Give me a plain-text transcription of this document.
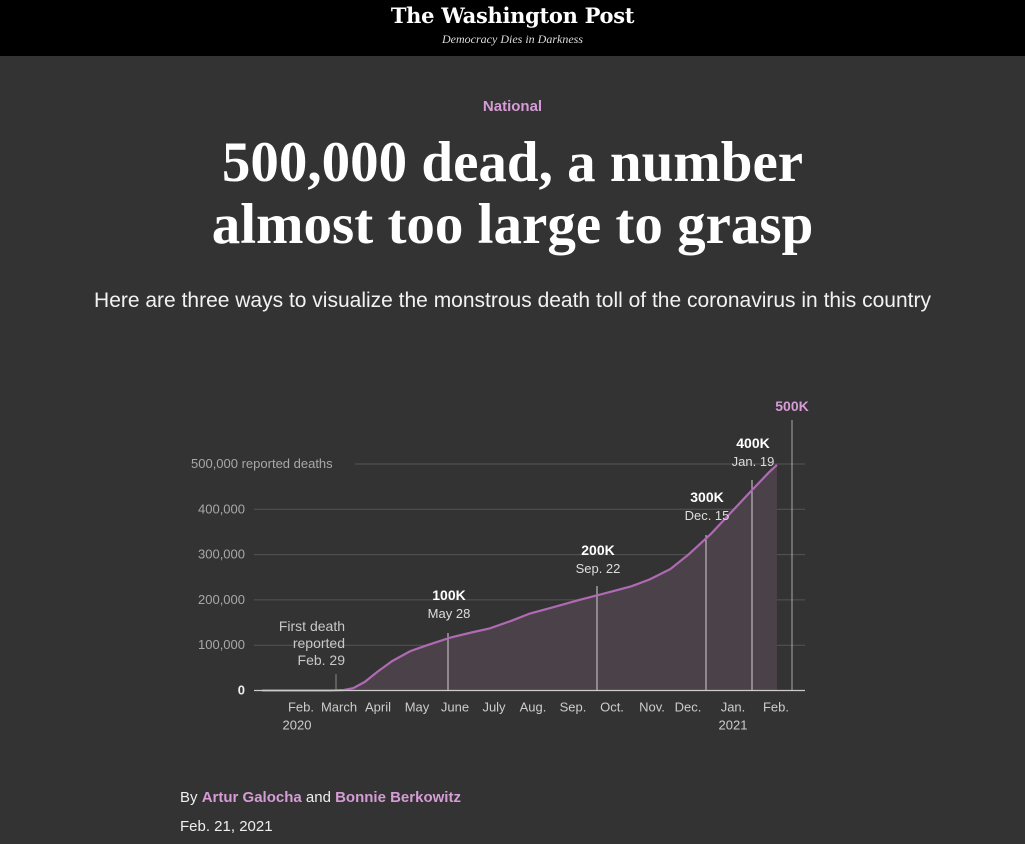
The Washington Post
Democracy Dies in Darkness
National
500,000 dead, a number
almost too large to grasp

Here are three ways to visualize the monstrous death toll of the coronavirus in this country

0
100,000
200,000
300,000
400,000
500,000 reported deaths
Feb.
2020
March April May June July Aug. Sep. Oct. Nov. Dec. Jan.
2021
Feb.
First death
reported
Feb. 29
100K
May 28
200K
Sep. 22
300K
Dec. 15
400K
Jan. 19
500K
By Artur Galocha and Bonnie Berkowitz
Feb. 21, 2021
